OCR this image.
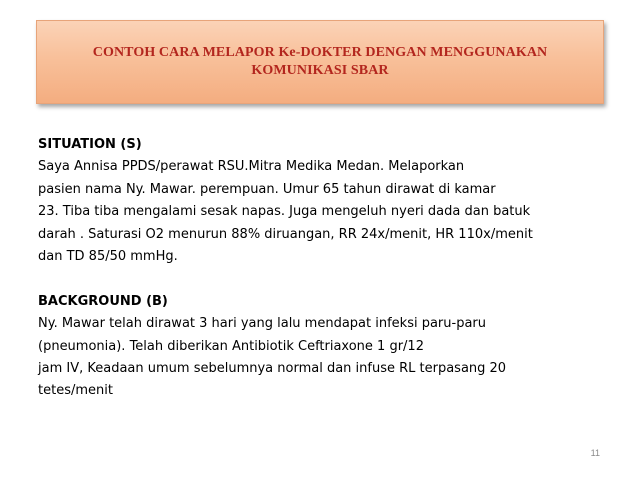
CONTOH CARA MELAPOR Ke-DOKTER DENGAN MENGGUNAKAN
KOMUNIKASI SBAR
SITUATION (S)
Saya Annisa PPDS/perawat RSU.Mitra Medika Medan. Melaporkan
pasien nama Ny. Mawar. perempuan. Umur 65 tahun dirawat di kamar
23. Tiba tiba mengalami sesak napas. Juga mengeluh nyeri dada dan batuk
darah . Saturasi O2 menurun 88% diruangan, RR 24x/menit, HR 110x/menit
dan TD 85/50 mmHg.
BACKGROUND (B)
Ny. Mawar telah dirawat 3 hari yang lalu mendapat infeksi paru-paru
(pneumonia). Telah diberikan Antibiotik Ceftriaxone 1 gr/12
jam IV, Keadaan umum sebelumnya normal dan infuse RL terpasang 20
tetes/menit
11
